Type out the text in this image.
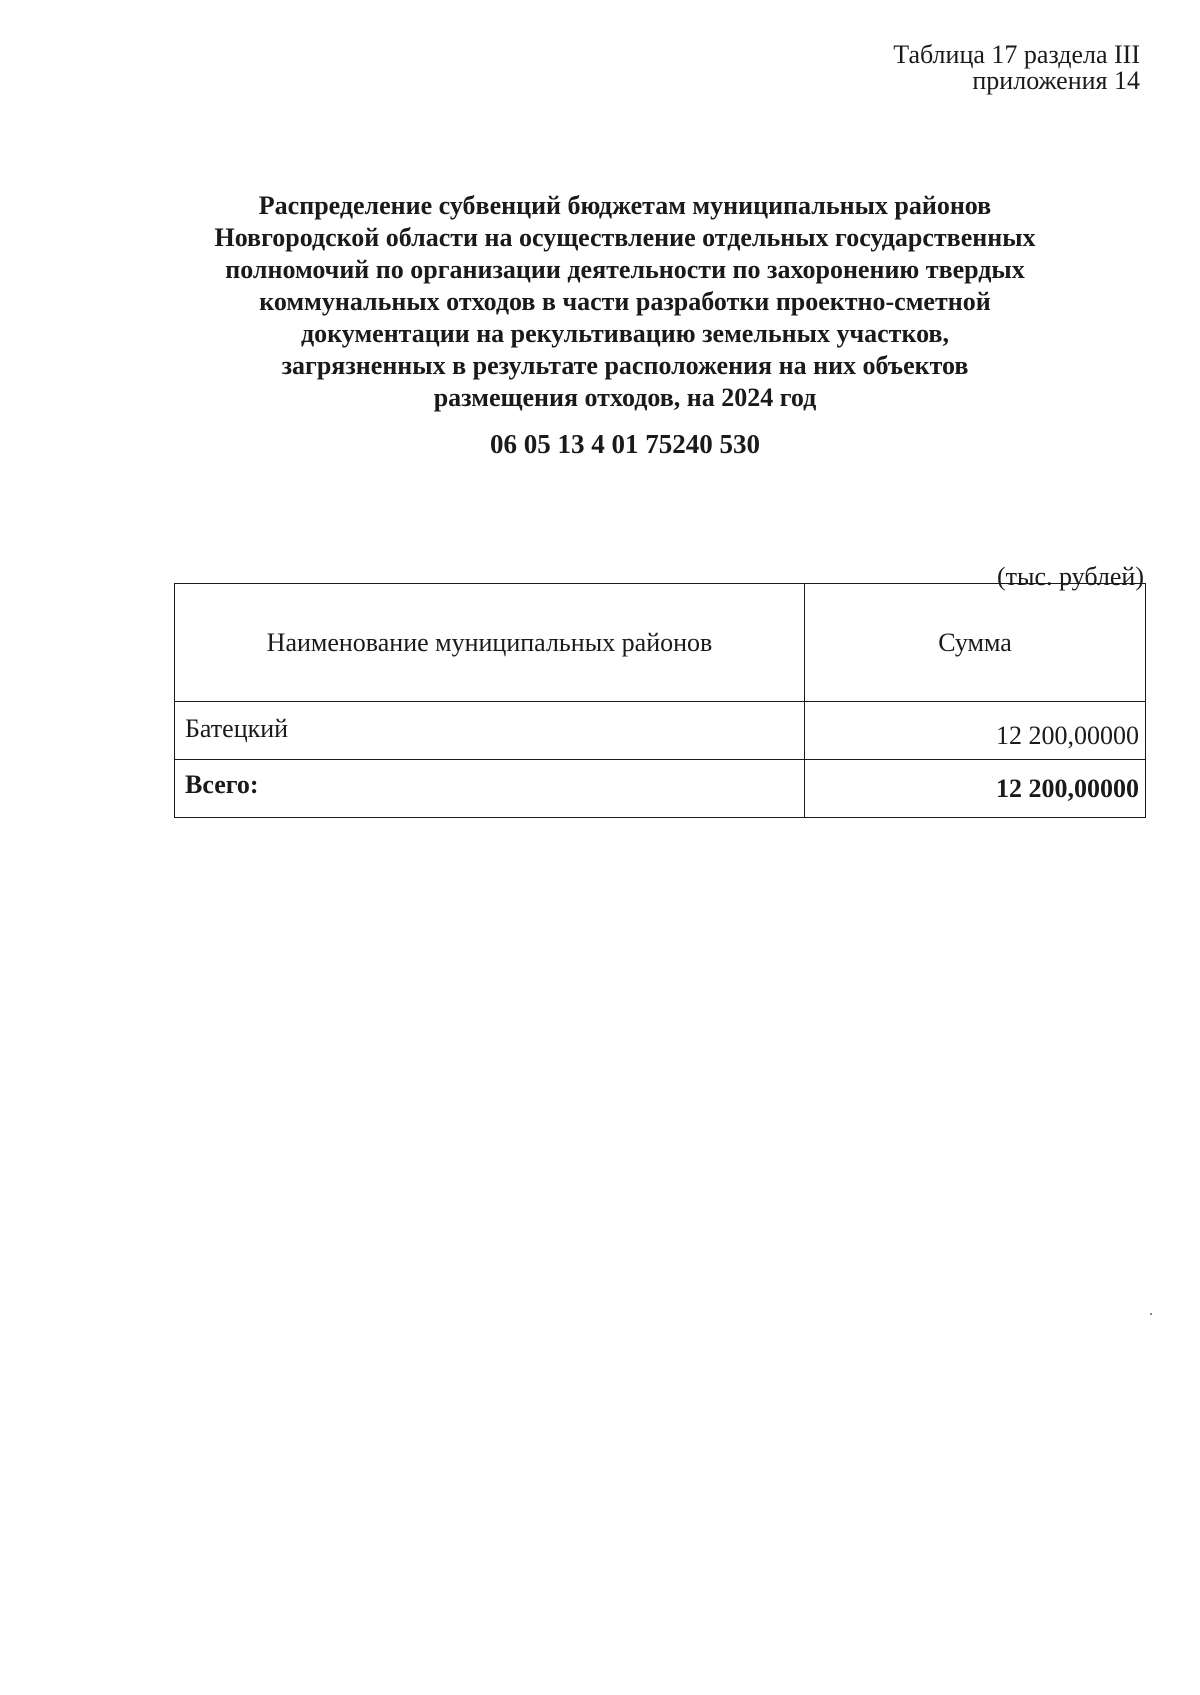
Таблица 17 раздела III
приложения 14
Распределение субвенций бюджетам муниципальных районов
Новгородской области на осуществление отдельных государственных
полномочий по организации деятельности по захоронению твердых
коммунальных отходов в части разработки проектно-сметной
документации на рекультивацию земельных участков,
загрязненных в результате расположения на них объектов
размещения отходов, на 2024 год
06 05 13 4 01 75240 530
(тыс. рублей)
Наименование муниципальных районов	Сумма
Батецкий	12 200,00000
Всего:	12 200,00000
